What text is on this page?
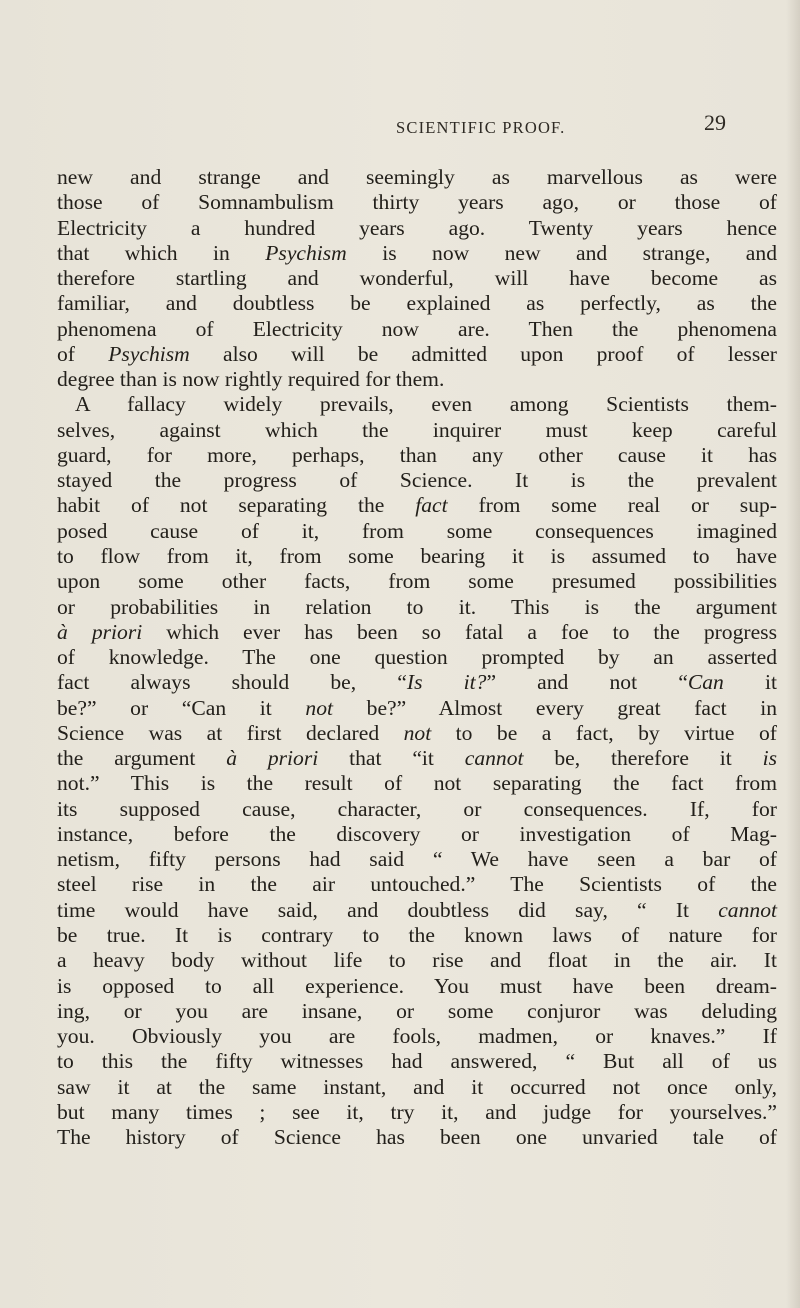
SCIENTIFIC PROOF.	29
new and strange and seemingly as marvellous as were
those of Somnambulism thirty years ago, or those of
Electricity a hundred years ago. Twenty years hence
that which in Psychism is now new and strange, and
therefore startling and wonderful, will have become as
familiar, and doubtless be explained as perfectly, as the
phenomena of Electricity now are. Then the phenomena
of Psychism also will be admitted upon proof of lesser
degree than is now rightly required for them.
A fallacy widely prevails, even among Scientists them-
selves, against which the inquirer must keep careful
guard, for more, perhaps, than any other cause it has
stayed the progress of Science. It is the prevalent
habit of not separating the fact from some real or sup-
posed cause of it, from some consequences imagined
to flow from it, from some bearing it is assumed to have
upon some other facts, from some presumed possibilities
or probabilities in relation to it. This is the argument
à priori which ever has been so fatal a foe to the progress
of knowledge. The one question prompted by an asserted
fact always should be, “Is it?” and not “Can it
be?” or “Can it not be?” Almost every great fact in
Science was at first declared not to be a fact, by virtue of
the argument à priori that “it cannot be, therefore it is
not.” This is the result of not separating the fact from
its supposed cause, character, or consequences. If, for
instance, before the discovery or investigation of Mag-
netism, fifty persons had said “ We have seen a bar of
steel rise in the air untouched.” The Scientists of the
time would have said, and doubtless did say, “ It cannot
be true. It is contrary to the known laws of nature for
a heavy body without life to rise and float in the air. It
is opposed to all experience. You must have been dream-
ing, or you are insane, or some conjuror was deluding
you. Obviously you are fools, madmen, or knaves.” If
to this the fifty witnesses had answered, “ But all of us
saw it at the same instant, and it occurred not once only,
but many times ; see it, try it, and judge for yourselves.”
The history of Science has been one unvaried tale of
